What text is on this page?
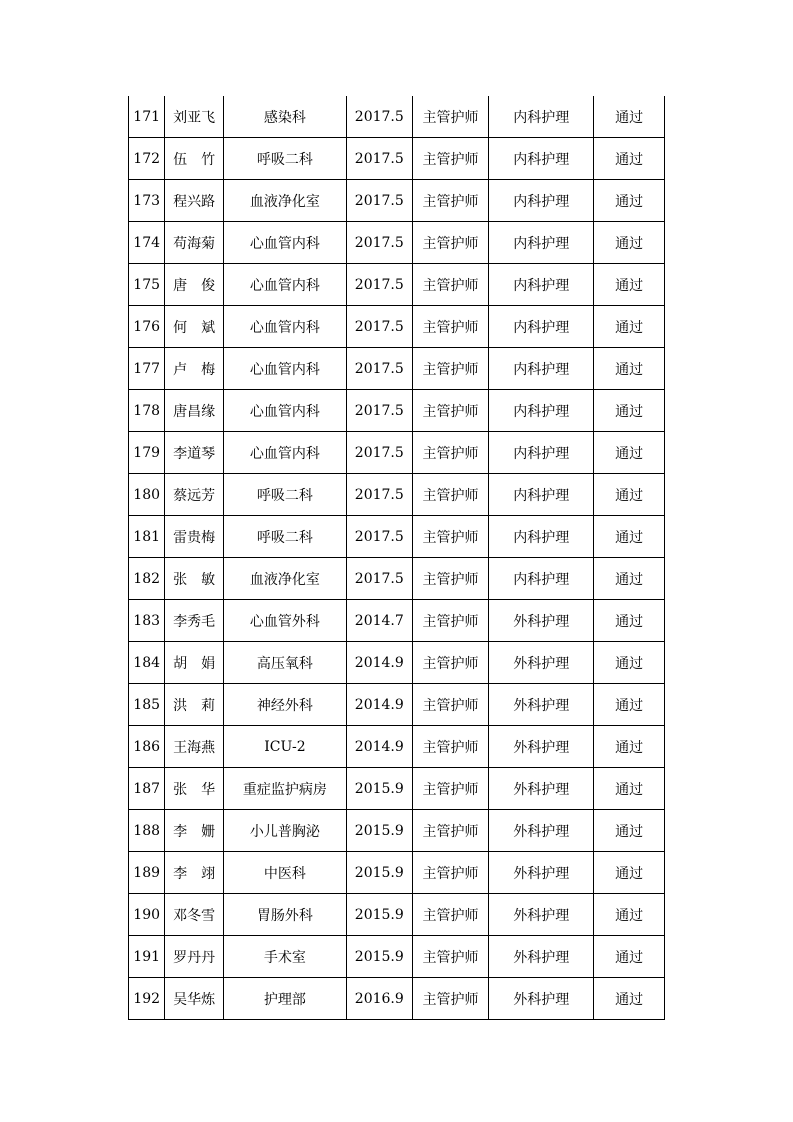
171	刘亚飞	感染科	2017.5	主管护师	内科护理	通过
172	伍　竹	呼吸二科	2017.5	主管护师	内科护理	通过
173	程兴路	血液净化室	2017.5	主管护师	内科护理	通过
174	苟海菊	心血管内科	2017.5	主管护师	内科护理	通过
175	唐　俊	心血管内科	2017.5	主管护师	内科护理	通过
176	何　斌	心血管内科	2017.5	主管护师	内科护理	通过
177	卢　梅	心血管内科	2017.5	主管护师	内科护理	通过
178	唐昌缘	心血管内科	2017.5	主管护师	内科护理	通过
179	李道琴	心血管内科	2017.5	主管护师	内科护理	通过
180	蔡远芳	呼吸二科	2017.5	主管护师	内科护理	通过
181	雷贵梅	呼吸二科	2017.5	主管护师	内科护理	通过
182	张　敏	血液净化室	2017.5	主管护师	内科护理	通过
183	李秀毛	心血管外科	2014.7	主管护师	外科护理	通过
184	胡　娟	高压氧科	2014.9	主管护师	外科护理	通过
185	洪　莉	神经外科	2014.9	主管护师	外科护理	通过
186	王海燕	ICU-2	2014.9	主管护师	外科护理	通过
187	张　华	重症监护病房	2015.9	主管护师	外科护理	通过
188	李　姗	小儿普胸泌	2015.9	主管护师	外科护理	通过
189	李　翊	中医科	2015.9	主管护师	外科护理	通过
190	邓冬雪	胃肠外科	2015.9	主管护师	外科护理	通过
191	罗丹丹	手术室	2015.9	主管护师	外科护理	通过
192	吴华炼	护理部	2016.9	主管护师	外科护理	通过
